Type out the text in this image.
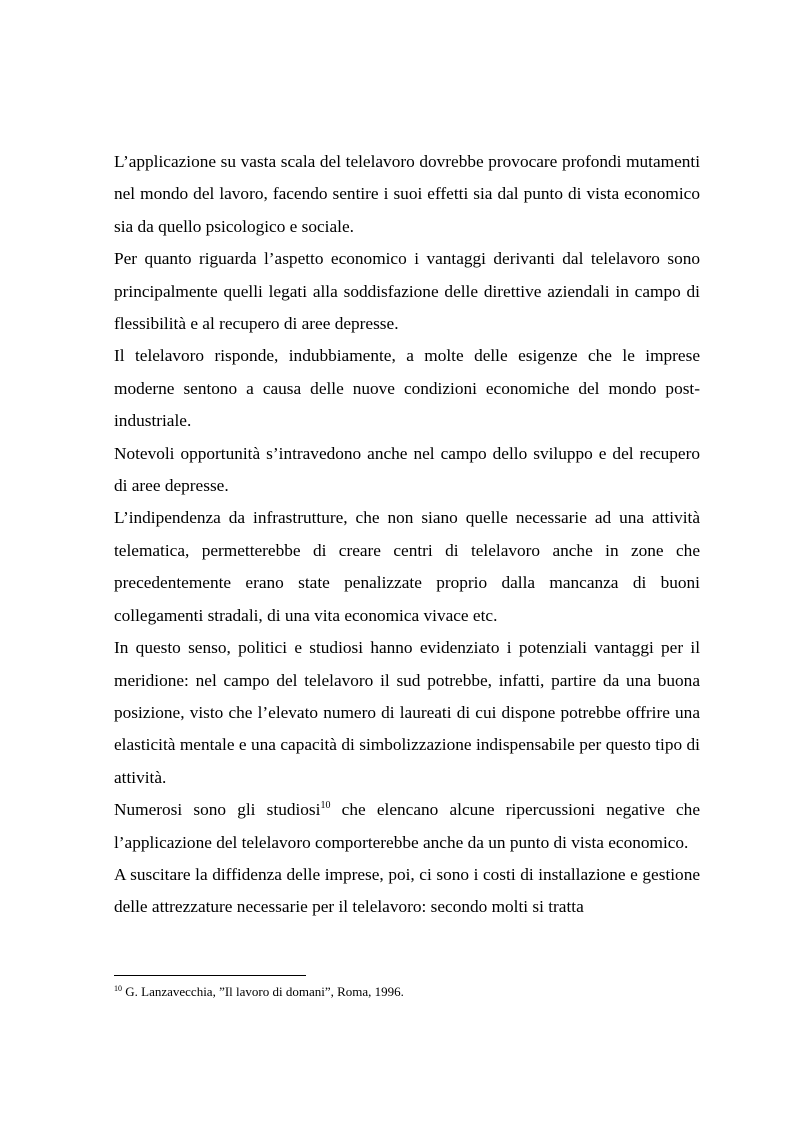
L’applicazione su vasta scala del telelavoro dovrebbe provocare profondi mutamenti nel mondo del lavoro, facendo sentire i suoi effetti sia dal punto di vista economico sia da quello psicologico e sociale.

Per quanto riguarda l’aspetto economico i vantaggi derivanti dal telelavoro sono principalmente quelli legati alla soddisfazione delle direttive aziendali in campo di flessibilità e al recupero di aree depresse.

Il telelavoro risponde, indubbiamente, a molte delle esigenze che le imprese moderne sentono a causa delle nuove condizioni economiche del mondo post-industriale.

Notevoli opportunità s’intravedono anche nel campo dello sviluppo e del recupero di aree depresse.

L’indipendenza da infrastrutture, che non siano quelle necessarie ad una attività telematica, permetterebbe di creare centri di telelavoro anche in zone che precedentemente erano state penalizzate proprio dalla mancanza di buoni collegamenti stradali, di una vita economica vivace etc.

In questo senso, politici e studiosi hanno evidenziato i potenziali vantaggi per il meridione: nel campo del telelavoro il sud potrebbe, infatti, partire da una buona posizione, visto che l’elevato numero di laureati di cui dispone potrebbe offrire una elasticità mentale e una capacità di simbolizzazione indispensabile per questo tipo di attività.

Numerosi sono gli studiosi$^{10}$ che elencano alcune ripercussioni negative che l’applicazione del telelavoro comporterebbe anche da un punto di vista economico.

A suscitare la diffidenza delle imprese, poi, ci sono i costi di installazione e gestione delle attrezzature necessarie per il telelavoro: secondo molti si tratta

$^{10}$ G. Lanzavecchia, ”Il lavoro di domani”, Roma, 1996.
